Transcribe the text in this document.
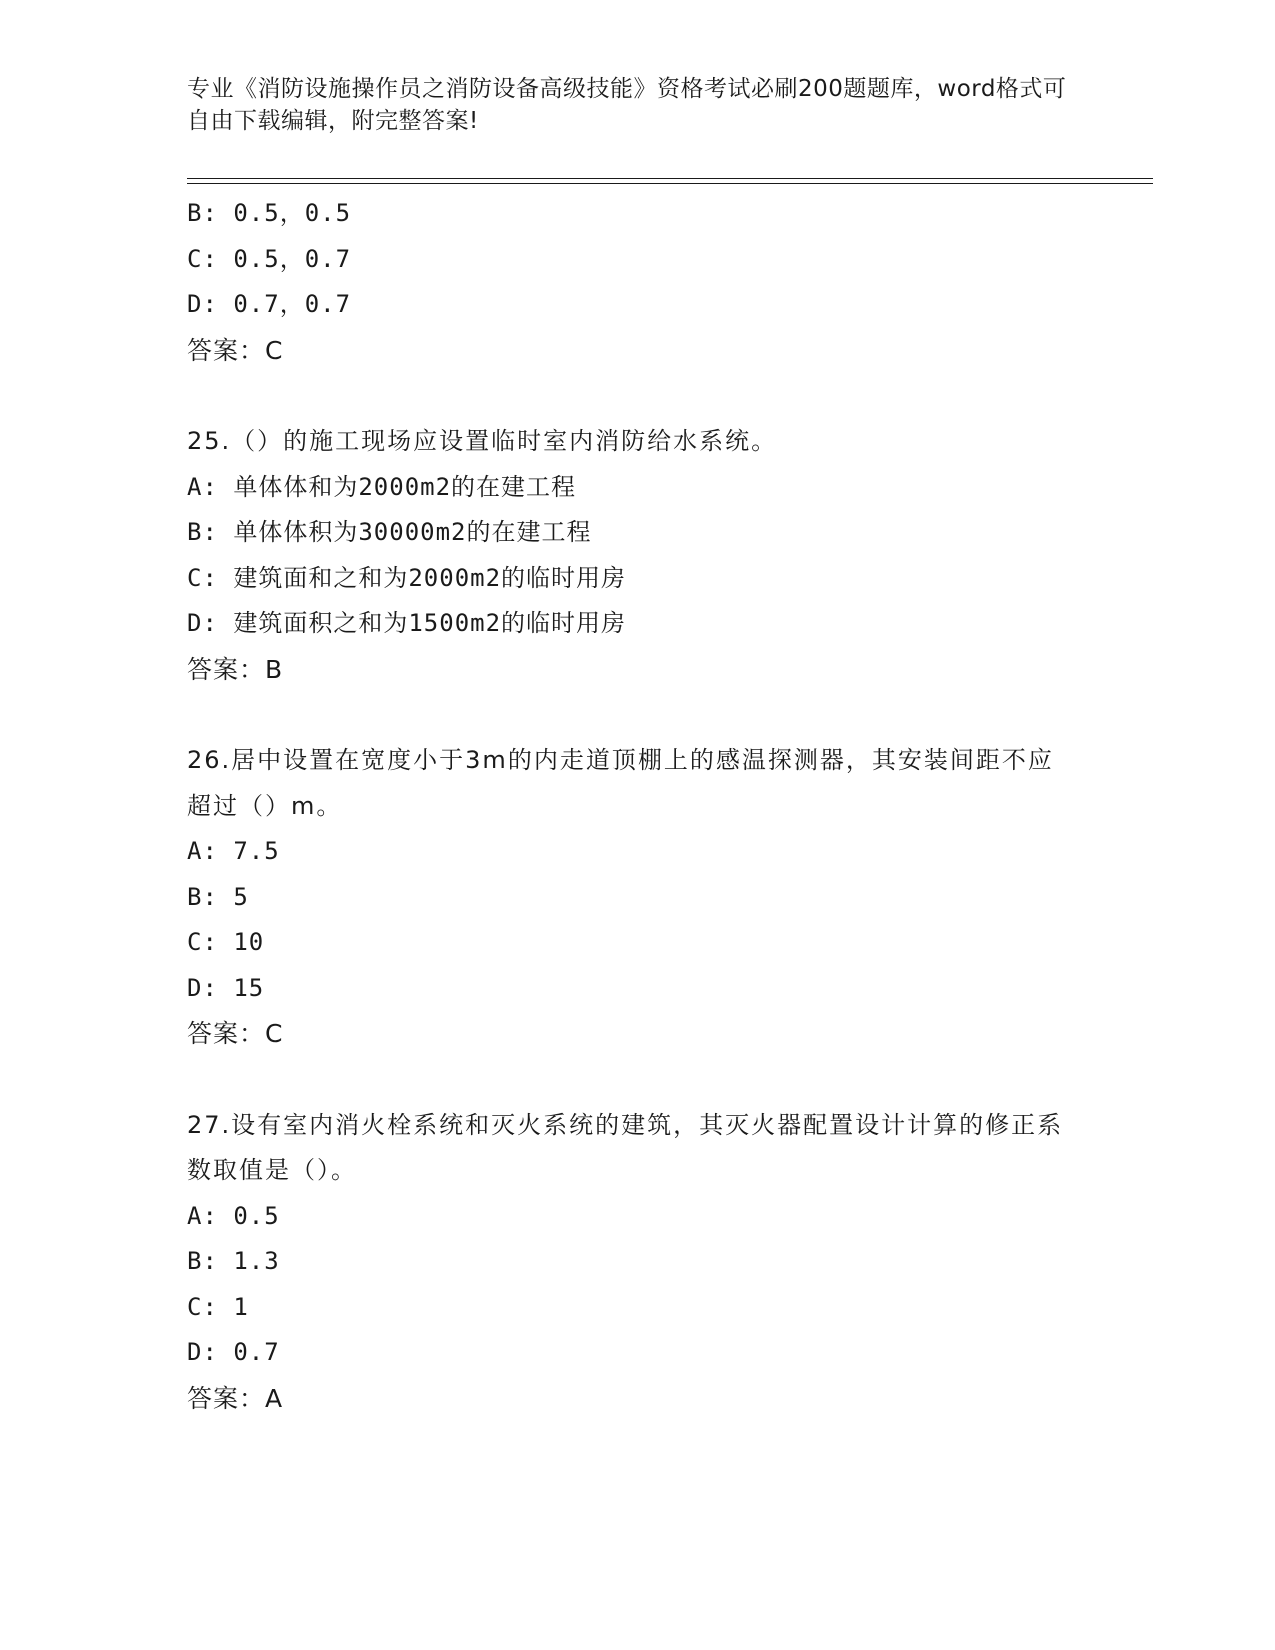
专业《消防设施操作员之消防设备高级技能》资格考试必刷200题题库，word格式可自由下载编辑，附完整答案!
B: 0.5，0.5
C: 0.5，0.7
D: 0.7，0.7
答案：C
25.（）的施工现场应设置临时室内消防给水系统。
A: 单体体和为2000m2的在建工程
B: 单体体积为30000m2的在建工程
C: 建筑面和之和为2000m2的临时用房
D: 建筑面积之和为1500m2的临时用房
答案：B
26.居中设置在宽度小于3m的内走道顶棚上的感温探测器，其安装间距不应超过（）m。
A: 7.5
B: 5
C: 10
D: 15
答案：C
27.设有室内消火栓系统和灭火系统的建筑，其灭火器配置设计计算的修正系数取值是（）。
A: 0.5
B: 1.3
C: 1
D: 0.7
答案：A
